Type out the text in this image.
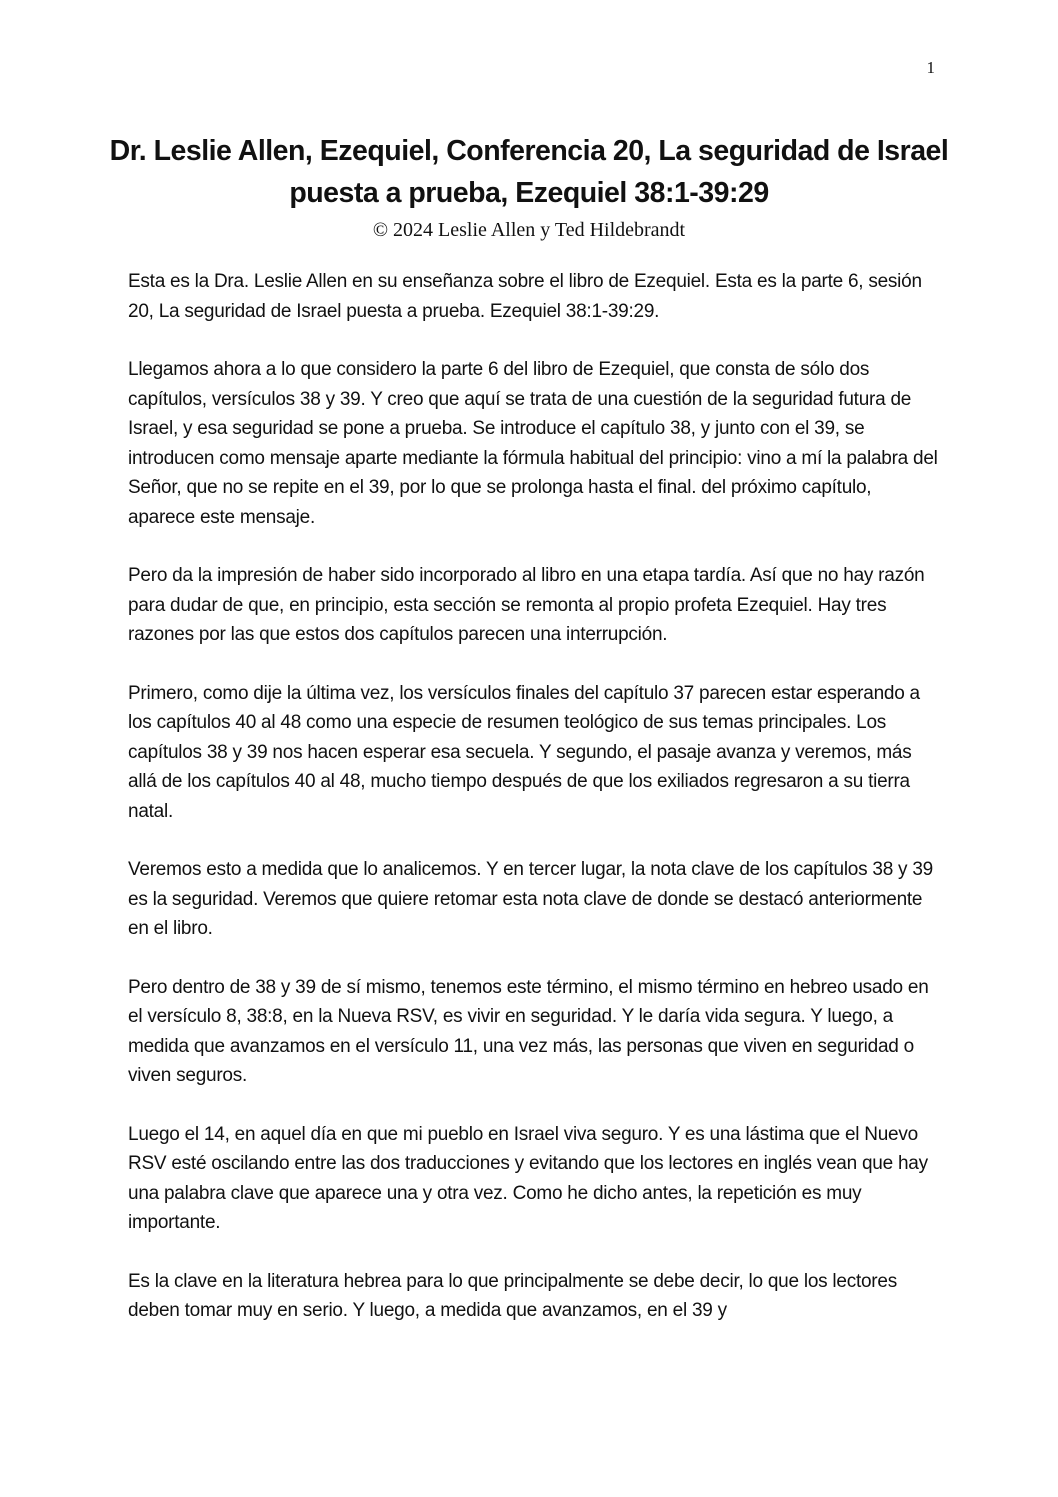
1
Dr. Leslie Allen, Ezequiel, Conferencia 20, La seguridad de Israel
puesta a prueba, Ezequiel 38:1-39:29
© 2024 Leslie Allen y Ted Hildebrandt

Esta es la Dra. Leslie Allen en su enseñanza sobre el libro de Ezequiel. Esta es la parte 6, sesión 20, La seguridad de Israel puesta a prueba. Ezequiel 38:1-39:29.

Llegamos ahora a lo que considero la parte 6 del libro de Ezequiel, que consta de sólo dos capítulos, versículos 38 y 39. Y creo que aquí se trata de una cuestión de la seguridad futura de Israel, y esa seguridad se pone a prueba. Se introduce el capítulo 38, y junto con el 39, se introducen como mensaje aparte mediante la fórmula habitual del principio: vino a mí la palabra del Señor, que no se repite en el 39, por lo que se prolonga hasta el final. del próximo capítulo, aparece este mensaje.

Pero da la impresión de haber sido incorporado al libro en una etapa tardía. Así que no hay razón para dudar de que, en principio, esta sección se remonta al propio profeta Ezequiel. Hay tres razones por las que estos dos capítulos parecen una interrupción.

Primero, como dije la última vez, los versículos finales del capítulo 37 parecen estar esperando a los capítulos 40 al 48 como una especie de resumen teológico de sus temas principales. Los capítulos 38 y 39 nos hacen esperar esa secuela. Y segundo, el pasaje avanza y veremos, más allá de los capítulos 40 al 48, mucho tiempo después de que los exiliados regresaron a su tierra natal.

Veremos esto a medida que lo analicemos. Y en tercer lugar, la nota clave de los capítulos 38 y 39 es la seguridad. Veremos que quiere retomar esta nota clave de donde se destacó anteriormente en el libro.

Pero dentro de 38 y 39 de sí mismo, tenemos este término, el mismo término en hebreo usado en el versículo 8, 38:8, en la Nueva RSV, es vivir en seguridad. Y le daría vida segura. Y luego, a medida que avanzamos en el versículo 11, una vez más, las personas que viven en seguridad o viven seguros.

Luego el 14, en aquel día en que mi pueblo en Israel viva seguro. Y es una lástima que el Nuevo RSV esté oscilando entre las dos traducciones y evitando que los lectores en inglés vean que hay una palabra clave que aparece una y otra vez. Como he dicho antes, la repetición es muy importante.

Es la clave en la literatura hebrea para lo que principalmente se debe decir, lo que los lectores deben tomar muy en serio. Y luego, a medida que avanzamos, en el 39 y
